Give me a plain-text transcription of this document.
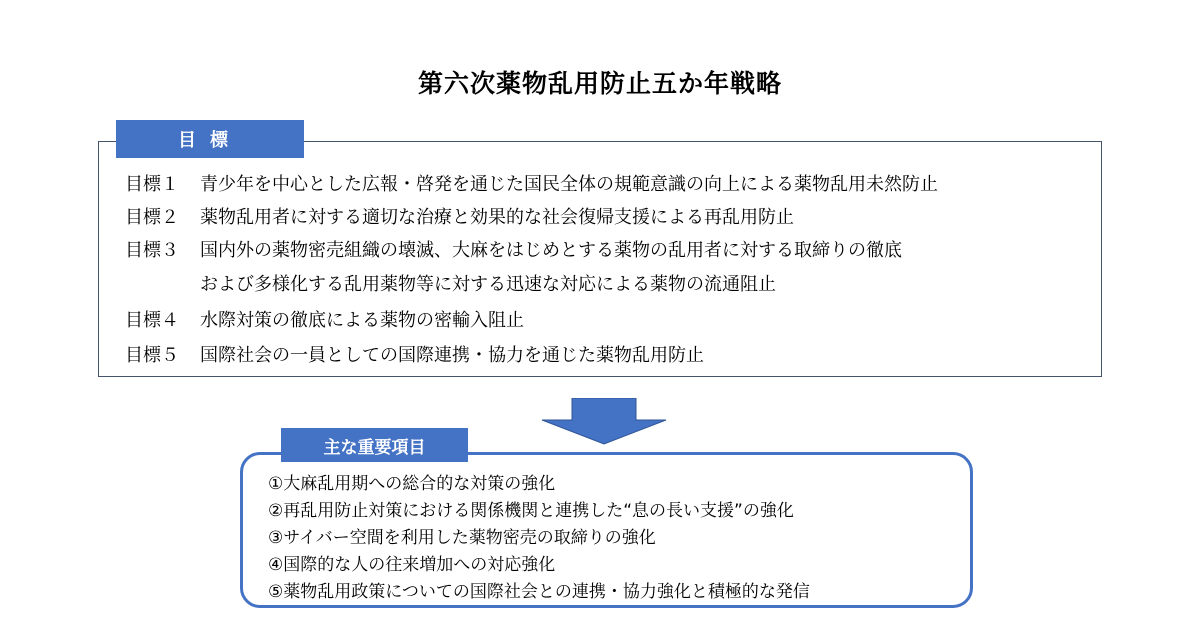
第六次薬物乱用防止五か年戦略
目標
目標１	青少年を中心とした広報・啓発を通じた国民全体の規範意識の向上による薬物乱用未然防止
目標２	薬物乱用者に対する適切な治療と効果的な社会復帰支援による再乱用防止
目標３	国内外の薬物密売組織の壊滅、大麻をはじめとする薬物の乱用者に対する取締りの徹底
および多様化する乱用薬物等に対する迅速な対応による薬物の流通阻止
目標４	水際対策の徹底による薬物の密輸入阻止
目標５	国際社会の一員としての国際連携・協力を通じた薬物乱用防止
主な重要項目
①大麻乱用期への総合的な対策の強化
②再乱用防止対策における関係機関と連携した“息の長い支援”の強化
③サイバー空間を利用した薬物密売の取締りの強化
④国際的な人の往来増加への対応強化
⑤薬物乱用政策についての国際社会との連携・協力強化と積極的な発信
